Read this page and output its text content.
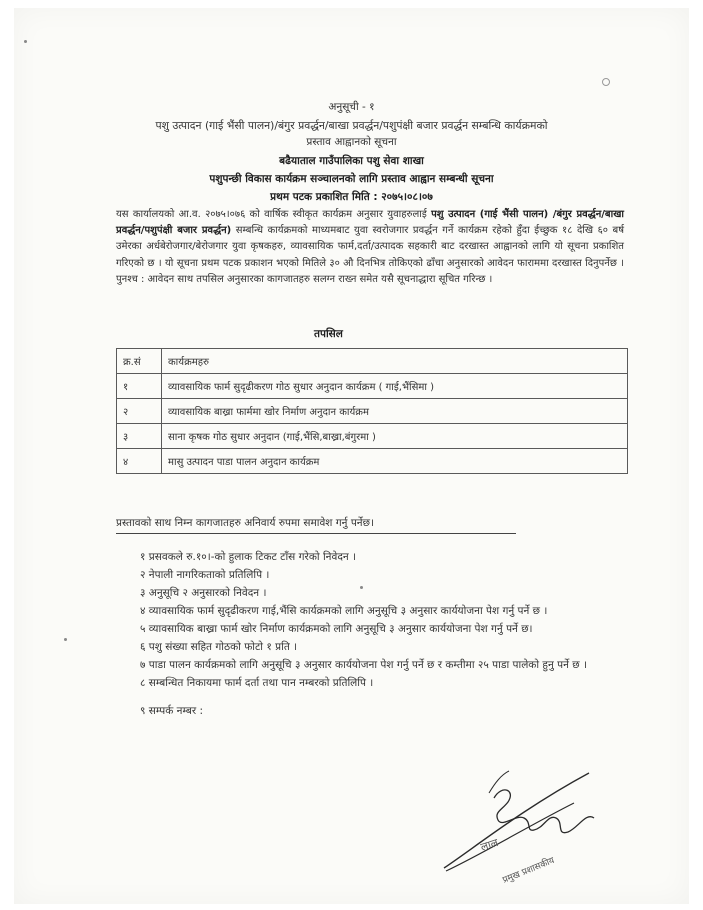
अनुसूची - १
पशु उत्पादन (गाई भैंसी पालन)/बंगुर प्रवर्द्धन/बाखा प्रवर्द्धन/पशुपंक्षी बजार प्रवर्द्धन सम्बन्धि कार्यक्रमको
प्रस्ताव आह्वानको सूचना
बढैयाताल गाउँपालिका पशु सेवा शाखा
पशुपन्छी विकास कार्यक्रम सञ्चालनको लागि प्रस्ताव आह्वान सम्बन्धी सूचना
प्रथम पटक प्रकाशित मिति : २०७५।०८।०७
यस कार्यालयको आ.व. २०७५।०७६ को वार्षिक स्वीकृत कार्यक्रम अनुसार युवाहरुलाई पशु उत्पादन (गाई भैंसी पालन) /बंगुर प्रवर्द्धन/बाखा प्रवर्द्धन/पशुपंक्षी बजार प्रवर्द्धन) सम्बन्धि कार्यक्रमको माध्यमबाट युवा स्वरोजगार प्रवर्द्धन गर्ने कार्यक्रम रहेको हुँदा ईच्छुक १८ देखि ६० बर्ष उमेरका अर्धबेरोजगार/बेरोजगार युवा कृषकहरु, व्यावसायिक फार्म,दर्ता/उत्पादक सहकारी बाट दरखास्त आह्वानको लागि यो सूचना प्रकाशित गरिएको छ । यो सूचना प्रथम पटक प्रकाशन भएको मितिले ३० औ दिनभित्र तोकिएको ढाँचा अनुसारको आवेदन फाराममा दरखास्त दिनुपर्नेछ । पुनश्च : आवेदन साथ तपसिल अनुसारका कागजातहरु सलग्न राख्न समेत यसै सूचनाद्धारा सूचित गरिन्छ ।
तपसिल
क्र.सं	कार्यक्रमहरु
१	व्यावसायिक फार्म सुदृढीकरण गोठ सुधार अनुदान कार्यक्रम ( गाई,भैंसिमा )
२	व्यावसायिक बाख्रा फार्ममा खोर निर्माण अनुदान कार्यक्रम
३	साना कृषक गोठ सुधार अनुदान (गाई,भैंसि,बाख्रा,बंगुरमा )
४	मासु उत्पादन पाडा पालन अनुदान कार्यक्रम
प्रस्तावको साथ निम्न कागजातहरु अनिवार्य रुपमा समावेश गर्नु पर्नेछ।
१ प्रसवकले रु.१०।-को हुलाक टिकट टाँस गरेको निवेदन ।
२ नेपाली नागरिकताको प्रतिलिपि ।
३ अनुसूचि २ अनुसारको निवेदन ।
४ व्यावसायिक फार्म सुदृढीकरण गाई,भैंसि कार्यक्रमको लागि अनुसूचि ३ अनुसार कार्ययोजना पेश गर्नु पर्ने छ ।
५ व्यावसायिक बाख्रा फार्म खोर निर्माण कार्यक्रमको लागि अनुसूचि ३ अनुसार कार्ययोजना पेश गर्नु पर्ने छ।
६ पशु संख्या सहित गोठको फोटो १ प्रति ।
७ पाडा पालन कार्यक्रमको लागि अनुसूचि ३ अनुसार कार्ययोजना पेश गर्नु पर्ने छ र कम्तीमा २५ पाडा पालेको हुनु पर्ने छ ।
८ सम्बन्धित निकायमा फार्म दर्ता तथा पान नम्बरको प्रतिलिपि ।
९ सम्पर्क नम्बर :
लाल
प्रमुख प्रशासकीय
